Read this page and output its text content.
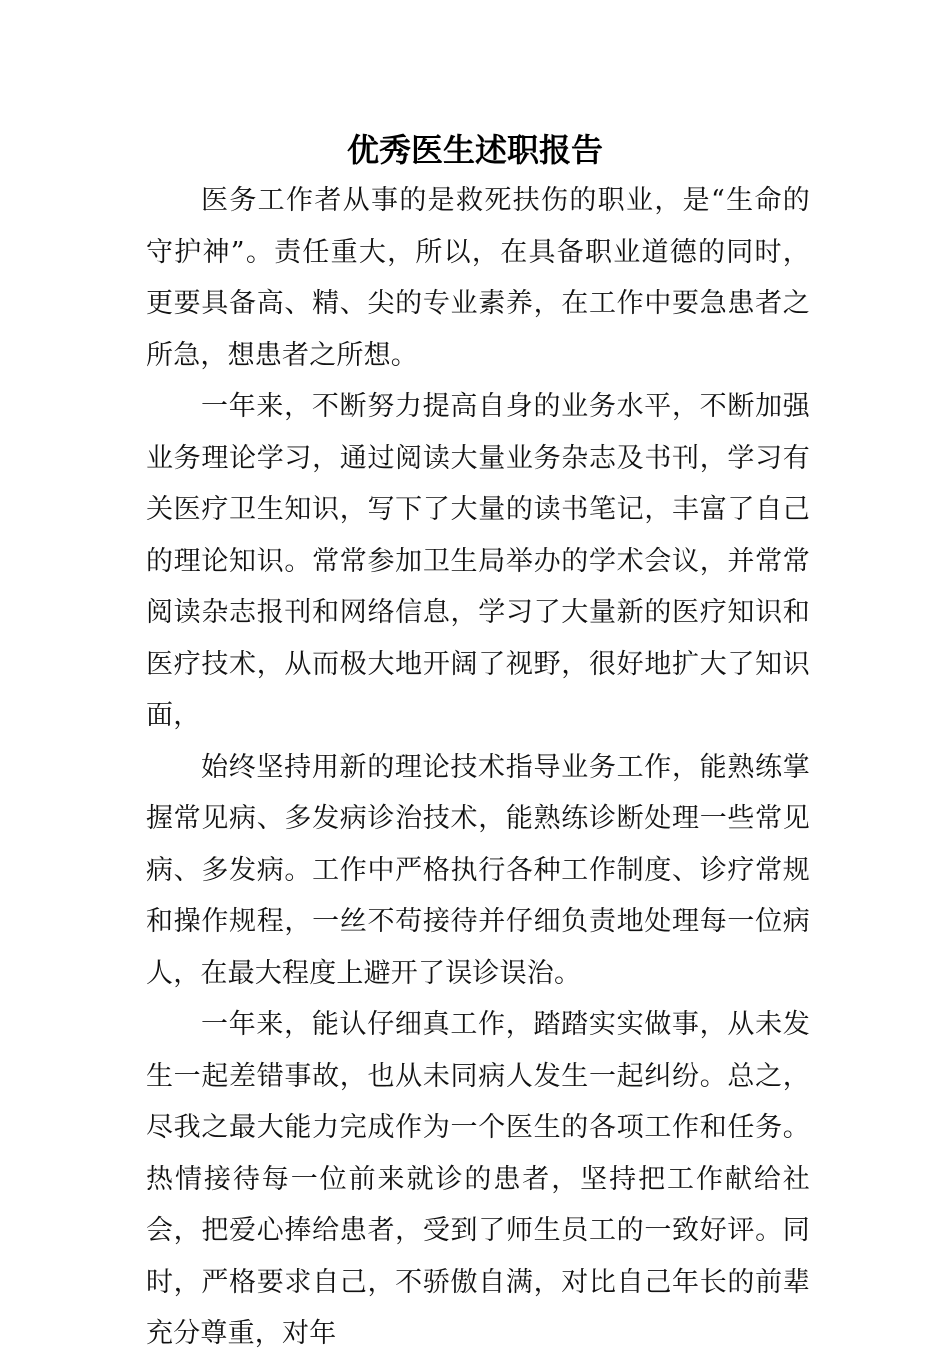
优秀医生述职报告

医务工作者从事的是救死扶伤的职业，是“生命的守护神”。责任重大，所以，在具备职业道德的同时，更要具备高、精、尖的专业素养，在工作中要急患者之所急，想患者之所想。

一年来，不断努力提高自身的业务水平，不断加强业务理论学习，通过阅读大量业务杂志及书刊，学习有关医疗卫生知识，写下了大量的读书笔记，丰富了自己的理论知识。常常参加卫生局举办的学术会议，并常常阅读杂志报刊和网络信息，学习了大量新的医疗知识和医疗技术，从而极大地开阔了视野，很好地扩大了知识面，

始终坚持用新的理论技术指导业务工作，能熟练掌握常见病、多发病诊治技术，能熟练诊断处理一些常见病、多发病。工作中严格执行各种工作制度、诊疗常规和操作规程，一丝不苟接待并仔细负责地处理每一位病人，在最大程度上避开了误诊误治。

一年来，能认仔细真工作，踏踏实实做事，从未发生一起差错事故，也从未同病人发生一起纠纷。总之，尽我之最大能力完成作为一个医生的各项工作和任务。热情接待每一位前来就诊的患者，坚持把工作献给社会，把爱心捧给患者，受到了师生员工的一致好评。同时，严格要求自己，不骄傲自满，对比自己年长的前辈充分尊重，对年
